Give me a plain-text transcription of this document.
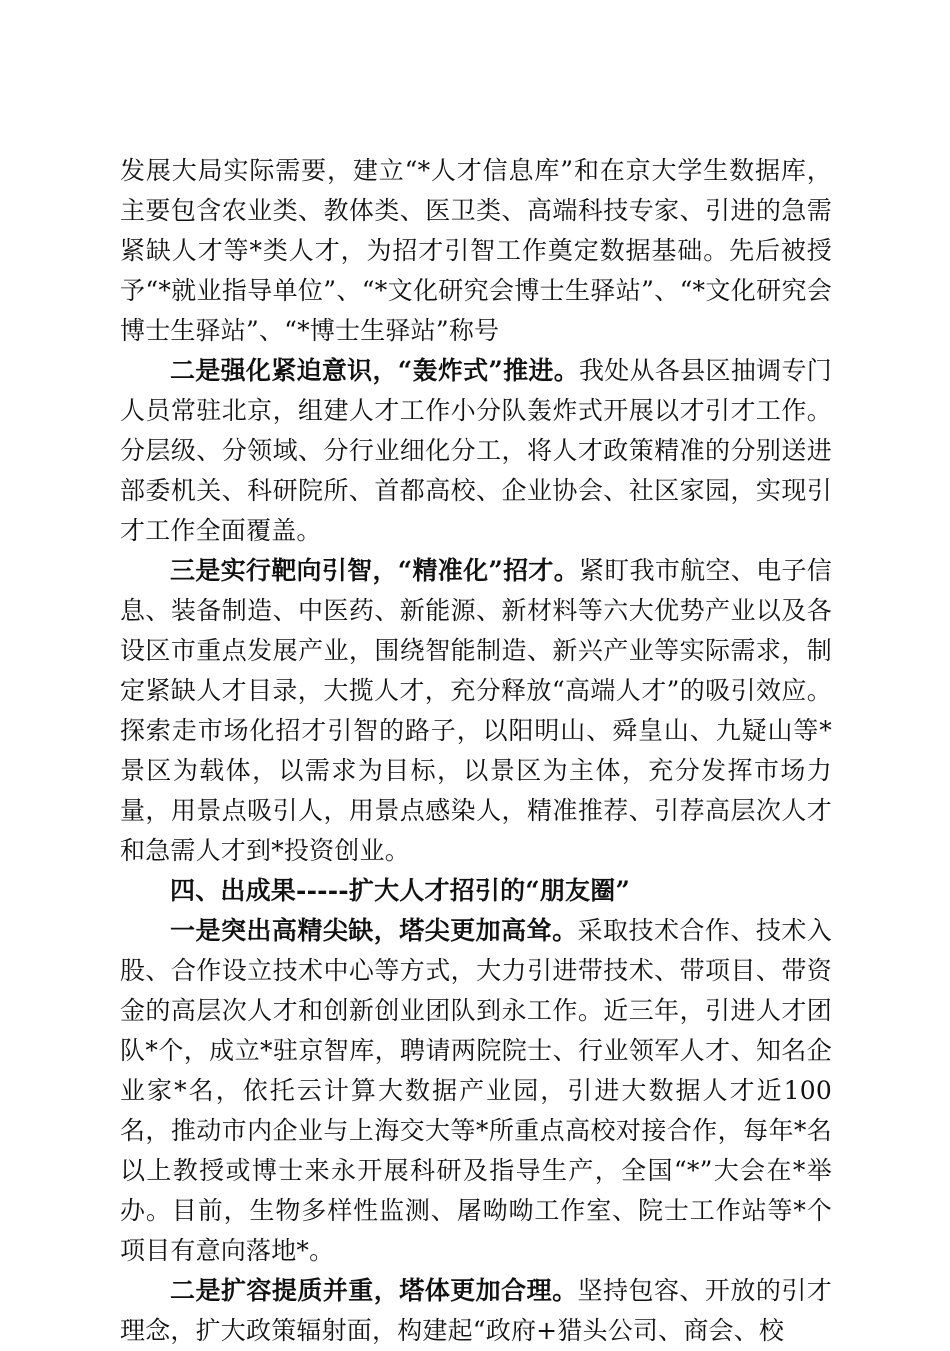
发展大局实际需要，建立“*人才信息库”和在京大学生数据库，主要包含农业类、教体类、医卫类、高端科技专家、引进的急需紧缺人才等*类人才，为招才引智工作奠定数据基础。先后被授予“*就业指导单位”、“*文化研究会博士生驿站”、“*文化研究会博士生驿站”、“*博士生驿站”称号

二是强化紧迫意识，“轰炸式”推进。我处从各县区抽调专门人员常驻北京，组建人才工作小分队轰炸式开展以才引才工作。分层级、分领域、分行业细化分工，将人才政策精准的分别送进部委机关、科研院所、首都高校、企业协会、社区家园，实现引才工作全面覆盖。

三是实行靶向引智，“精准化”招才。紧盯我市航空、电子信息、装备制造、中医药、新能源、新材料等六大优势产业以及各设区市重点发展产业，围绕智能制造、新兴产业等实际需求，制定紧缺人才目录，大揽人才，充分释放“高端人才”的吸引效应。探索走市场化招才引智的路子，以阳明山、舜皇山、九疑山等*景区为载体，以需求为目标，以景区为主体，充分发挥市场力量，用景点吸引人，用景点感染人，精准推荐、引荐高层次人才和急需人才到*投资创业。

四、出成果-----扩大人才招引的“朋友圈”

一是突出高精尖缺，塔尖更加高耸。采取技术合作、技术入股、合作设立技术中心等方式，大力引进带技术、带项目、带资金的高层次人才和创新创业团队到永工作。近三年，引进人才团队*个，成立*驻京智库，聘请两院院士、行业领军人才、知名企业家*名，依托云计算大数据产业园，引进大数据人才近100名，推动市内企业与上海交大等*所重点高校对接合作，每年*名以上教授或博士来永开展科研及指导生产，全国“*”大会在*举办。目前，生物多样性监测、屠呦呦工作室、院士工作站等*个项目有意向落地*。

二是扩容提质并重，塔体更加合理。坚持包容、开放的引才理念，扩大政策辐射面，构建起“政府+猎头公司、商会、校
